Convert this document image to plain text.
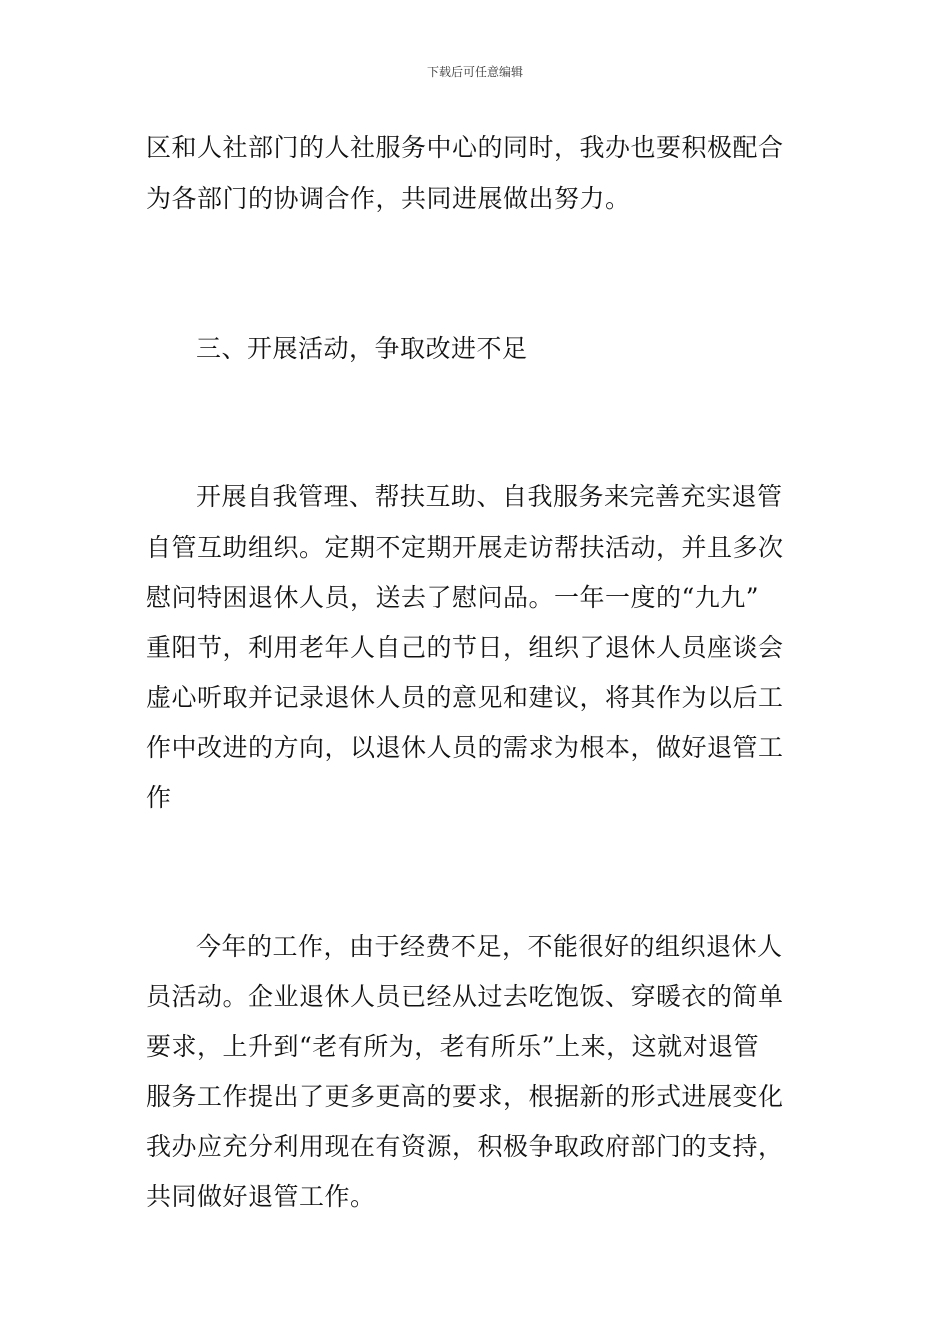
下载后可任意编辑
区和人社部门的人社服务中心的同时，我办也要积极配合
为各部门的协调合作，共同进展做出努力。
三、开展活动，争取改进不足
开展自我管理、帮扶互助、自我服务来完善充实退管
自管互助组织。定期不定期开展走访帮扶活动，并且多次
慰问特困退休人员，送去了慰问品。一年一度的“九九”
重阳节，利用老年人自己的节日，组织了退休人员座谈会
虚心听取并记录退休人员的意见和建议，将其作为以后工
作中改进的方向，以退休人员的需求为根本，做好退管工
作
今年的工作，由于经费不足，不能很好的组织退休人
员活动。企业退休人员已经从过去吃饱饭、穿暖衣的简单
要求，上升到“老有所为，老有所乐”上来，这就对退管
服务工作提出了更多更高的要求，根据新的形式进展变化
我办应充分利用现在有资源，积极争取政府部门的支持，
共同做好退管工作。
